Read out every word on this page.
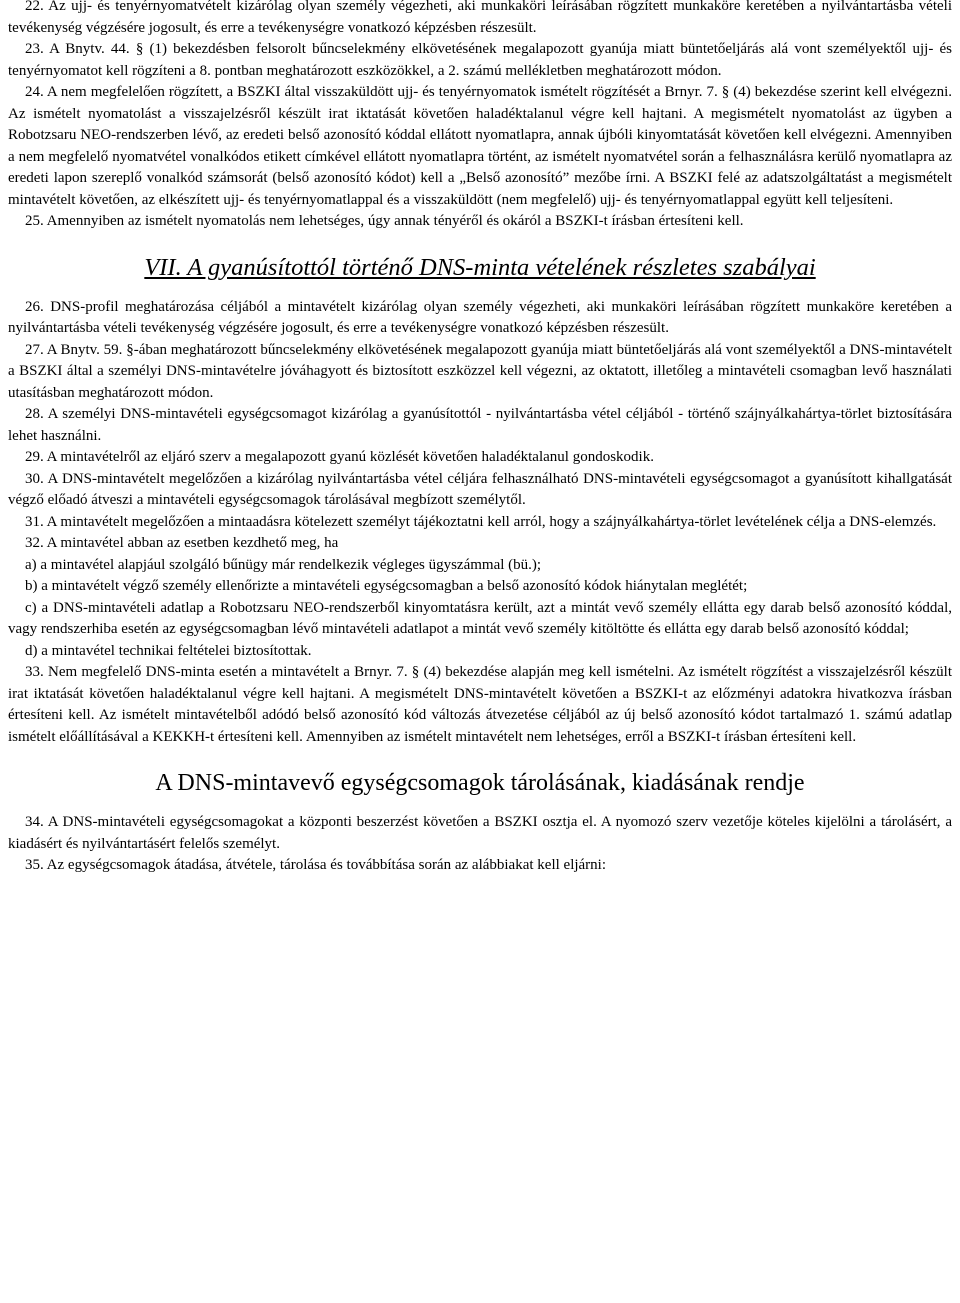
22. Az ujj- és tenyérnyomatvételt kizárólag olyan személy végezheti, aki munkaköri leírásában rögzített munkaköre keretében a nyilvántartásba vételi tevékenység végzésére jogosult, és erre a tevékenységre vonatkozó képzésben részesült.

23. A Bnytv. 44. § (1) bekezdésben felsorolt bűncselekmény elkövetésének megalapozott gyanúja miatt büntetőeljárás alá vont személyektől ujj- és tenyérnyomatot kell rögzíteni a 8. pontban meghatározott eszközökkel, a 2. számú mellékletben meghatározott módon.

24. A nem megfelelően rögzített, a BSZKI által visszaküldött ujj- és tenyérnyomatok ismételt rögzítését a Brnyr. 7. § (4) bekezdése szerint kell elvégezni. Az ismételt nyomatolást a visszajelzésről készült irat iktatását követően haladéktalanul végre kell hajtani. A megismételt nyomatolást az ügyben a Robotzsaru NEO-rendszerben lévő, az eredeti belső azonosító kóddal ellátott nyomatlapra, annak újbóli kinyomtatását követően kell elvégezni. Amennyiben a nem megfelelő nyomatvétel vonalkódos etikett címkével ellátott nyomatlapra történt, az ismételt nyomatvétel során a felhasználásra kerülő nyomatlapra az eredeti lapon szereplő vonalkód számsorát (belső azonosító kódot) kell a „Belső azonosító” mezőbe írni. A BSZKI felé az adatszolgáltatást a megismételt mintavételt követően, az elkészített ujj- és tenyérnyomatlappal és a visszaküldött (nem megfelelő) ujj- és tenyérnyomatlappal együtt kell teljesíteni.

25. Amennyiben az ismételt nyomatolás nem lehetséges, úgy annak tényéről és okáról a BSZKI-t írásban értesíteni kell.

VII. A gyanúsítottól történő DNS-minta vételének részletes szabályai

26. DNS-profil meghatározása céljából a mintavételt kizárólag olyan személy végezheti, aki munkaköri leírásában rögzített munkaköre keretében a nyilvántartásba vételi tevékenység végzésére jogosult, és erre a tevékenységre vonatkozó képzésben részesült.

27. A Bnytv. 59. §-ában meghatározott bűncselekmény elkövetésének megalapozott gyanúja miatt büntetőeljárás alá vont személyektől a DNS-mintavételt a BSZKI által a személyi DNS-mintavételre jóváhagyott és biztosított eszközzel kell végezni, az oktatott, illetőleg a mintavételi csomagban levő használati utasításban meghatározott módon.

28. A személyi DNS-mintavételi egységcsomagot kizárólag a gyanúsítottól - nyilvántartásba vétel céljából - történő szájnyálkahártya-törlet biztosítására lehet használni.

29. A mintavételről az eljáró szerv a megalapozott gyanú közlését követően haladéktalanul gondoskodik.

30. A DNS-mintavételt megelőzően a kizárólag nyilvántartásba vétel céljára felhasználható DNS-mintavételi egységcsomagot a gyanúsított kihallgatását végző előadó átveszi a mintavételi egységcsomagok tárolásával megbízott személytől.

31. A mintavételt megelőzően a mintaadásra kötelezett személyt tájékoztatni kell arról, hogy a szájnyálkahártya-törlet levételének célja a DNS-elemzés.

32. A mintavétel abban az esetben kezdhető meg, ha

a) a mintavétel alapjául szolgáló bűnügy már rendelkezik végleges ügyszámmal (bü.);

b) a mintavételt végző személy ellenőrizte a mintavételi egységcsomagban a belső azonosító kódok hiánytalan meglétét;

c) a DNS-mintavételi adatlap a Robotzsaru NEO-rendszerből kinyomtatásra került, azt a mintát vevő személy ellátta egy darab belső azonosító kóddal, vagy rendszerhiba esetén az egységcsomagban lévő mintavételi adatlapot a mintát vevő személy kitöltötte és ellátta egy darab belső azonosító kóddal;

d) a mintavétel technikai feltételei biztosítottak.

33. Nem megfelelő DNS-minta esetén a mintavételt a Brnyr. 7. § (4) bekezdése alapján meg kell ismételni. Az ismételt rögzítést a visszajelzésről készült irat iktatását követően haladéktalanul végre kell hajtani. A megismételt DNS-mintavételt követően a BSZKI-t az előzményi adatokra hivatkozva írásban értesíteni kell. Az ismételt mintavételből adódó belső azonosító kód változás átvezetése céljából az új belső azonosító kódot tartalmazó 1. számú adatlap ismételt előállításával a KEKKH-t értesíteni kell. Amennyiben az ismételt mintavételt nem lehetséges, erről a BSZKI-t írásban értesíteni kell.

A DNS-mintavevő egységcsomagok tárolásának, kiadásának rendje

34. A DNS-mintavételi egységcsomagokat a központi beszerzést követően a BSZKI osztja el. A nyomozó szerv vezetője köteles kijelölni a tárolásért, a kiadásért és nyilvántartásért felelős személyt.

35. Az egységcsomagok átadása, átvétele, tárolása és továbbítása során az alábbiakat kell eljárni:
